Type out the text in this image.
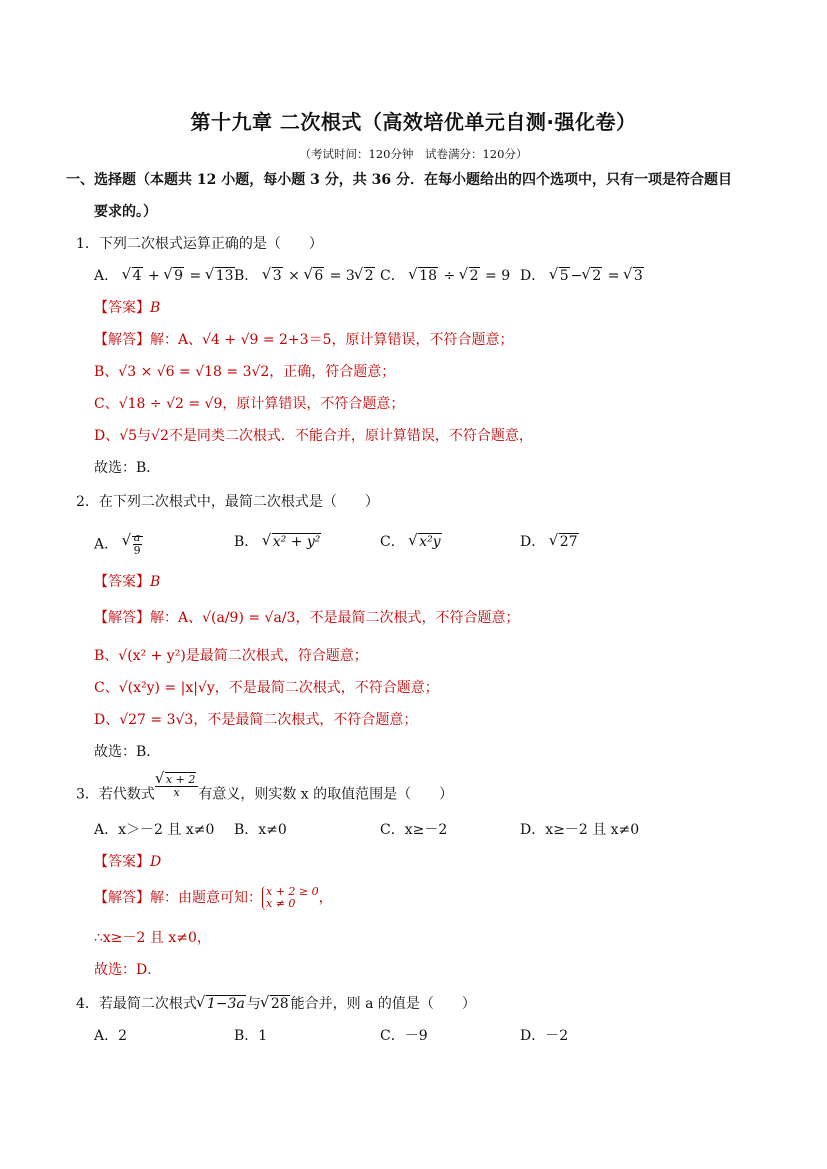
第十九章 二次根式（高效培优单元自测·强化卷）
（考试时间：120分钟　试卷满分：120分）
一、选择题（本题共 12 小题，每小题 3 分，共 36 分．在每小题给出的四个选项中，只有一项是符合题目
要求的。）
1．下列二次根式运算正确的是（　　）
A． √ 4 + √ 9 = √ 13 B． √ 3 × √ 6 = 3 √ 2 C． √ 18 ÷ √ 2 = 9 D． √ 5 − √ 2 = √ 3
【答案】B
【解答】解：A、√4 + √9 = 2+3＝5，原计算错误，不符合题意；
B、√3 × √6 = √18 = 3√2，正确，符合题意；
C、√18 ÷ √2 = √9，原计算错误，不符合题意；
D、√5与√2不是同类二次根式．不能合并，原计算错误，不符合题意，
故选：B．
2．在下列二次根式中，最简二次根式是（　　）
A． √ $\frac{a}{9}$	B． √ x² + y²	C． √ x²y	D． √ 27
【答案】B
【解答】解：A、√(a/9) = √a/3，不是最简二次根式，不符合题意；
B、√(x² + y²)是最简二次根式，符合题意；
C、√(x²y) = |x|√y，不是最简二次根式，不符合题意；
D、√27 = 3√3，不是最简二次根式，不符合题意；
故选：B．
3．若代数式 √ $\frac{x + 2}{x}$ 有意义，则实数 x 的取值范围是（　　）
A．x＞－2 且 x≠0 B．x≠0	C．x≥－2	D．x≥－2 且 x≠0
【答案】D
【解答】解：由题意可知： x + 2 ≥ 0
x ≠ 0	，
∴x≥－2 且 x≠0，
故选：D．
4．若最简二次根式 √ 1−3a 与 √ 28 能合并，则 a 的值是（　　）
A．2	B．1	C．－9	D．－2
